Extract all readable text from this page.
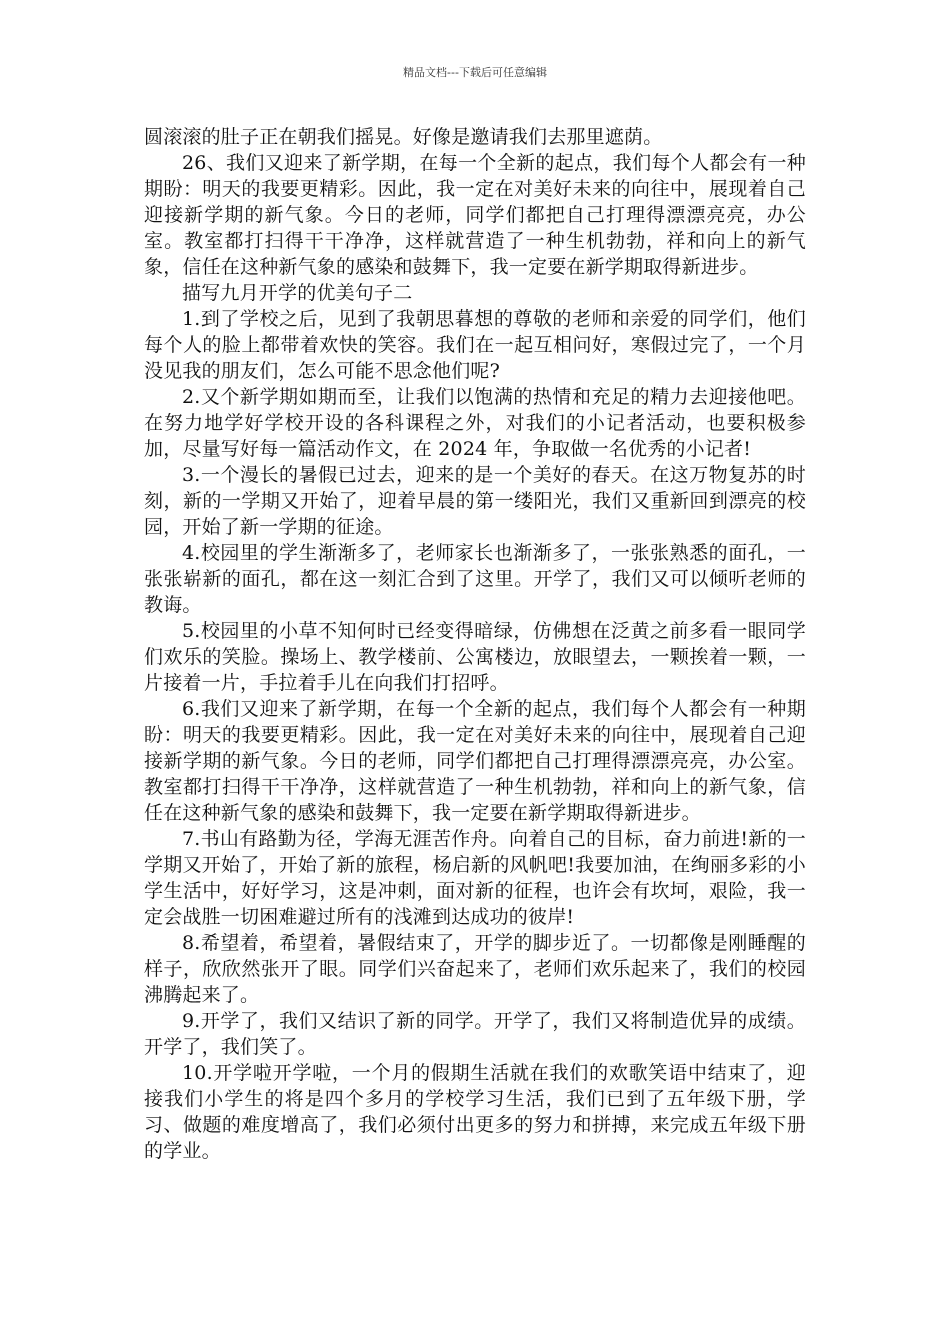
精品文档---下载后可任意编辑

圆滚滚的肚子正在朝我们摇晃。好像是邀请我们去那里遮荫。

26、我们又迎来了新学期，在每一个全新的起点，我们每个人都会有一种期盼：明天的我要更精彩。因此，我一定在对美好未来的向往中，展现着自己迎接新学期的新气象。今日的老师，同学们都把自己打理得漂漂亮亮，办公室。教室都打扫得干干净净，这样就营造了一种生机勃勃，祥和向上的新气象，信任在这种新气象的感染和鼓舞下，我一定要在新学期取得新进步。

描写九月开学的优美句子二

1.到了学校之后，见到了我朝思暮想的尊敬的老师和亲爱的同学们，他们每个人的脸上都带着欢快的笑容。我们在一起互相问好，寒假过完了，一个月没见我的朋友们，怎么可能不思念他们呢?

2.又个新学期如期而至，让我们以饱满的热情和充足的精力去迎接他吧。在努力地学好学校开设的各科课程之外，对我们的小记者活动，也要积极参加，尽量写好每一篇活动作文，在 2024 年，争取做一名优秀的小记者!

3.一个漫长的暑假已过去，迎来的是一个美好的春天。在这万物复苏的时刻，新的一学期又开始了，迎着早晨的第一缕阳光，我们又重新回到漂亮的校园，开始了新一学期的征途。

4.校园里的学生渐渐多了，老师家长也渐渐多了，一张张熟悉的面孔，一张张崭新的面孔，都在这一刻汇合到了这里。开学了，我们又可以倾听老师的教诲。

5.校园里的小草不知何时已经变得暗绿，仿佛想在泛黄之前多看一眼同学们欢乐的笑脸。操场上、教学楼前、公寓楼边，放眼望去，一颗挨着一颗，一片接着一片，手拉着手儿在向我们打招呼。

6.我们又迎来了新学期，在每一个全新的起点，我们每个人都会有一种期盼：明天的我要更精彩。因此，我一定在对美好未来的向往中，展现着自己迎接新学期的新气象。今日的老师，同学们都把自己打理得漂漂亮亮，办公室。教室都打扫得干干净净，这样就营造了一种生机勃勃，祥和向上的新气象，信任在这种新气象的感染和鼓舞下，我一定要在新学期取得新进步。

7.书山有路勤为径，学海无涯苦作舟。向着自己的目标，奋力前进!新的一学期又开始了，开始了新的旅程，杨启新的风帆吧!我要加油，在绚丽多彩的小学生活中，好好学习，这是冲刺，面对新的征程，也许会有坎坷，艰险，我一定会战胜一切困难避过所有的浅滩到达成功的彼岸!

8.希望着，希望着，暑假结束了，开学的脚步近了。一切都像是刚睡醒的样子，欣欣然张开了眼。同学们兴奋起来了，老师们欢乐起来了，我们的校园沸腾起来了。

9.开学了，我们又结识了新的同学。开学了，我们又将制造优异的成绩。开学了，我们笑了。

10.开学啦开学啦，一个月的假期生活就在我们的欢歌笑语中结束了，迎接我们小学生的将是四个多月的学校学习生活，我们已到了五年级下册，学习、做题的难度增高了，我们必须付出更多的努力和拼搏，来完成五年级下册的学业。
